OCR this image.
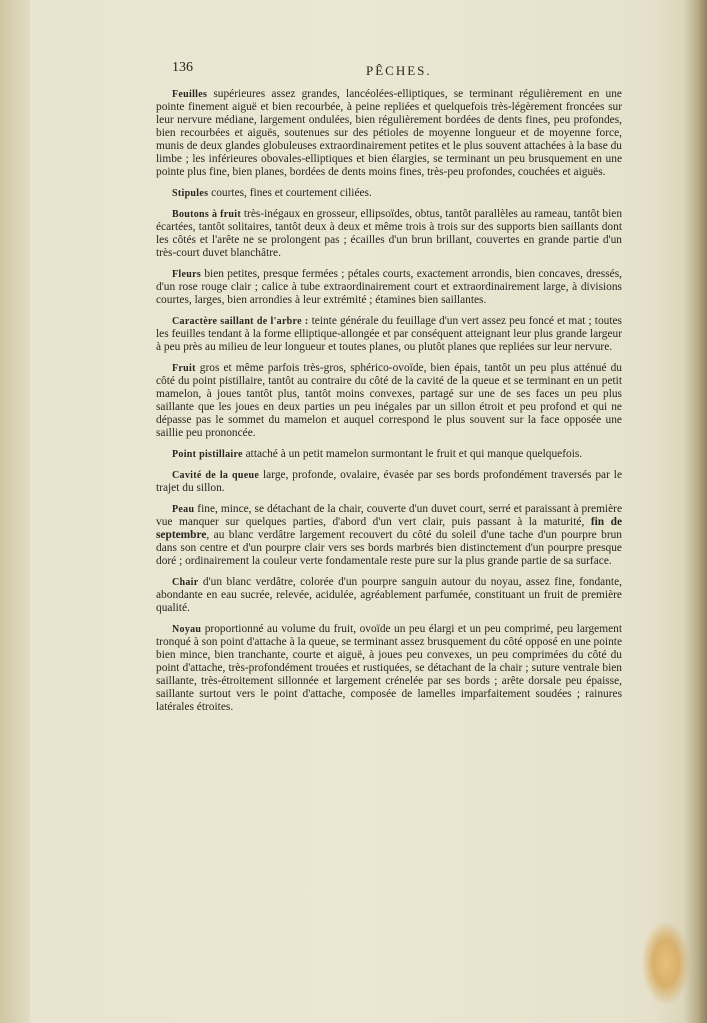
136	PÊCHES.

Feuilles supérieures assez grandes, lancéolées-elliptiques, se terminant régulièrement en une pointe finement aiguë et bien recourbée, à peine repliées et quelquefois très-légèrement froncées sur leur nervure médiane, largement ondulées, bien régulièrement bordées de dents fines, peu profondes, bien recourbées et aiguës, soutenues sur des pétioles de moyenne longueur et de moyenne force, munis de deux glandes globuleuses extraordinairement petites et le plus souvent attachées à la base du limbe ; les inférieures obovales-elliptiques et bien élargies, se terminant un peu brusquement en une pointe plus fine, bien planes, bordées de dents moins fines, très-peu profondes, couchées et aiguës.

Stipules courtes, fines et courtement ciliées.

Boutons à fruit très-inégaux en grosseur, ellipsoïdes, obtus, tantôt parallèles au rameau, tantôt bien écartées, tantôt solitaires, tantôt deux à deux et même trois à trois sur des supports bien saillants dont les côtés et l'arête ne se prolongent pas ; écailles d'un brun brillant, couvertes en grande partie d'un très-court duvet blanchâtre.

Fleurs bien petites, presque fermées ; pétales courts, exactement arrondis, bien concaves, dressés, d'un rose rouge clair ; calice à tube extraordinairement court et extraordinairement large, à divisions courtes, larges, bien arrondies à leur extrémité ; étamines bien saillantes.

Caractère saillant de l'arbre : teinte générale du feuillage d'un vert assez peu foncé et mat ; toutes les feuilles tendant à la forme elliptique-allongée et par conséquent atteignant leur plus grande largeur à peu près au milieu de leur longueur et toutes planes, ou plutôt planes que repliées sur leur nervure.

Fruit gros et même parfois très-gros, sphérico-ovoïde, bien épais, tantôt un peu plus atténué du côté du point pistillaire, tantôt au contraire du côté de la cavité de la queue et se terminant en un petit mamelon, à joues tantôt plus, tantôt moins convexes, partagé sur une de ses faces un peu plus saillante que les joues en deux parties un peu inégales par un sillon étroit et peu profond et qui ne dépasse pas le sommet du mamelon et auquel correspond le plus souvent sur la face opposée une saillie peu prononcée.

Point pistillaire attaché à un petit mamelon surmontant le fruit et qui manque quelquefois.

Cavité de la queue large, profonde, ovalaire, évasée par ses bords profondément traversés par le trajet du sillon.

Peau fine, mince, se détachant de la chair, couverte d'un duvet court, serré et paraissant à première vue manquer sur quelques parties, d'abord d'un vert clair, puis passant à la maturité, fin de septembre, au blanc verdâtre largement recouvert du côté du soleil d'une tache d'un pourpre brun dans son centre et d'un pourpre clair vers ses bords marbrés bien distinctement d'un pourpre presque doré ; ordinairement la couleur verte fondamentale reste pure sur la plus grande partie de sa surface.

Chair d'un blanc verdâtre, colorée d'un pourpre sanguin autour du noyau, assez fine, fondante, abondante en eau sucrée, relevée, acidulée, agréablement parfumée, constituant un fruit de première qualité.

Noyau proportionné au volume du fruit, ovoïde un peu élargi et un peu comprimé, peu largement tronqué à son point d'attache à la queue, se terminant assez brusquement du côté opposé en une pointe bien mince, bien tranchante, courte et aiguë, à joues peu convexes, un peu comprimées du côté du point d'attache, très-profondément trouées et rustiquées, se détachant de la chair ; suture ventrale bien saillante, très-étroitement sillonnée et largement crénelée par ses bords ; arête dorsale peu épaisse, saillante surtout vers le point d'attache, composée de lamelles imparfaitement soudées ; rainures latérales étroites.
